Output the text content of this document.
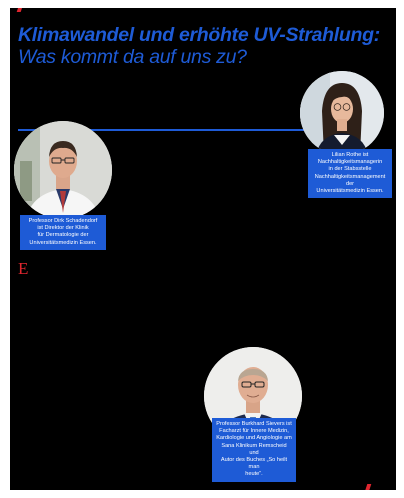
Klimawandel und erhöhte UV-Strahlung:
Was kommt da auf uns zu?
Lilian Rothe ist
Nachhaltigkeitsmanagerin
in der Stabsstelle
Nachhaltigkeitsmanagement der
Universitätsmedizin Essen.
Professor Dirk Schadendorf
ist Direktor der Klinik
für Dermatologie der
Universitätsmedizin Essen.
E
Professor Burkhard Sievers ist
Facharzt für Innere Medizin,
Kardiologie und Angiologie am
Sana Klinikum Remscheid und
Autor des Buches „So heilt man
heute“.
